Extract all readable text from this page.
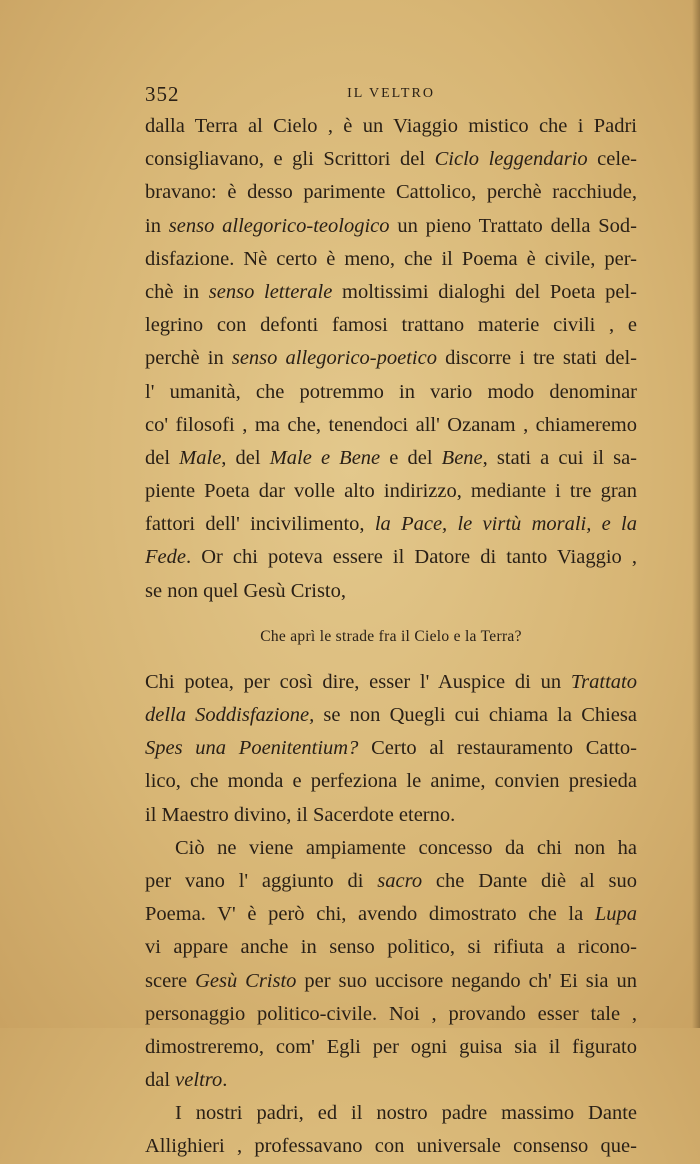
352	IL VELTRO
dalla Terra al Cielo , è un Viaggio mistico che i Padri
consigliavano, e gli Scrittori del Ciclo leggendario cele-
bravano: è desso parimente Cattolico, perchè racchiude,
in senso allegorico-teologico un pieno Trattato della Sod-
disfazione. Nè certo è meno, che il Poema è civile, per-
chè in senso letterale moltissimi dialoghi del Poeta pel-
legrino con defonti famosi trattano materie civili , e
perchè in senso allegorico-poetico discorre i tre stati del-
l' umanità, che potremmo in vario modo denominar
co' filosofi , ma che, tenendoci all' Ozanam , chiameremo
del Male, del Male e Bene e del Bene, stati a cui il sa-
piente Poeta dar volle alto indirizzo, mediante i tre gran
fattori dell' incivilimento, la Pace, le virtù morali, e la
Fede. Or chi poteva essere il Datore di tanto Viaggio ,
se non quel Gesù Cristo,
Che aprì le strade fra il Cielo e la Terra?
Chi potea, per così dire, esser l' Auspice di un Trattato
della Soddisfazione, se non Quegli cui chiama la Chiesa
Spes una Poenitentium? Certo al restauramento Catto-
lico, che monda e perfeziona le anime, convien presieda
il Maestro divino, il Sacerdote eterno.
Ciò ne viene ampiamente concesso da chi non ha
per vano l' aggiunto di sacro che Dante diè al suo
Poema. V' è però chi, avendo dimostrato che la Lupa
vi appare anche in senso politico, si rifiuta a ricono-
scere Gesù Cristo per suo uccisore negando ch' Ei sia un
personaggio politico-civile. Noi , provando esser tale ,
dimostreremo, com' Egli per ogni guisa sia il figurato
dal veltro.
I nostri padri, ed il nostro padre massimo Dante
Allighieri , professavano con universale consenso que-
